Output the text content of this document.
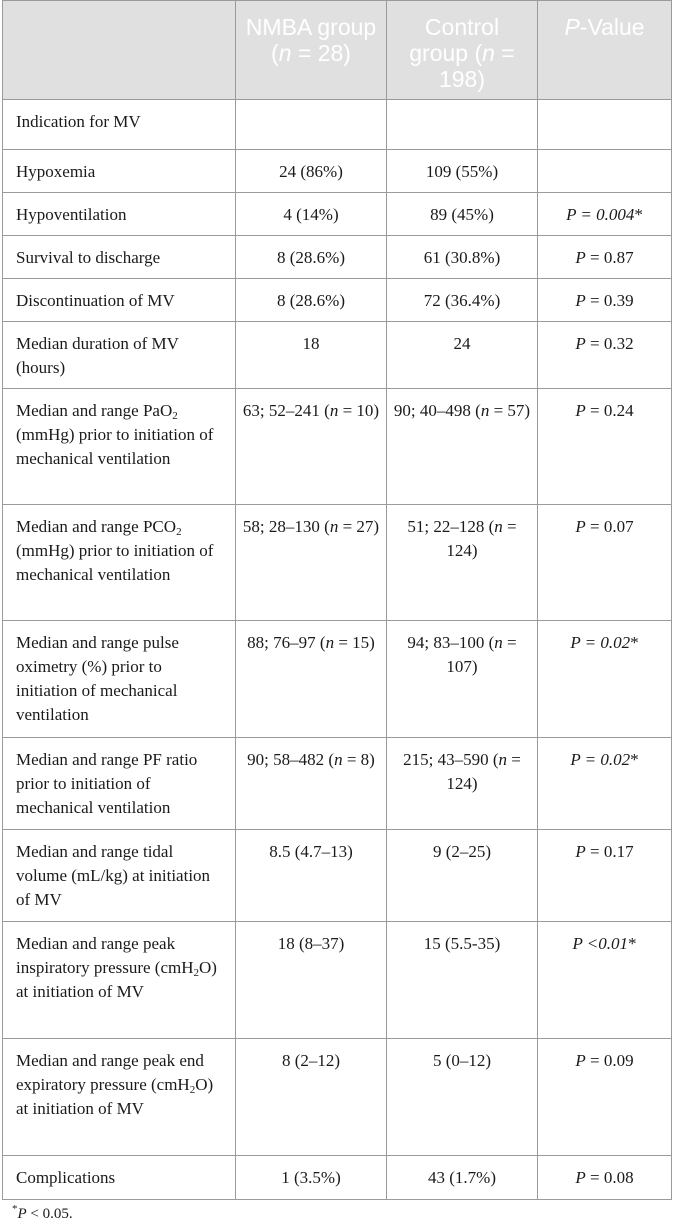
	NMBA group (n = 28)	Control group (n = 198)	P-Value
Indication for MV			
Hypoxemia	24 (86%)	109 (55%)	
Hypoventilation	4 (14%)	89 (45%)	P = 0.004*
Survival to discharge	8 (28.6%)	61 (30.8%)	P = 0.87
Discontinuation of MV	8 (28.6%)	72 (36.4%)	P = 0.39
Median duration of MV (hours)	18	24	P = 0.32
Median and range PaO$_2$ (mmHg) prior to initiation of mechanical ventilation	63; 52–241 (n = 10)	90; 40–498 (n = 57)	P = 0.24
Median and range $PCO_2$ (mmHg) prior to initiation of mechanical ventilation	58; 28–130 (n = 27)	51; 22–128 (n = 124)	P = 0.07
Median and range pulse oximetry (%) prior to initiation of mechanical ventilation	88; 76–97 (n = 15)	94; 83–100 (n = 107)	P = 0.02*
Median and range PF ratio prior to initiation of mechanical ventilation	90; 58–482 (n = 8)	215; 43–590 (n = 124)	P = 0.02*
Median and range tidal volume (mL/kg) at initiation of MV	8.5 (4.7–13)	9 (2–25)	P = 0.17
Median and range peak inspiratory pressure (cmH$_2$O) at initiation of MV	18 (8–37)	15 (5.5-35)	P <0.01*
Median and range peak end expiratory pressure (cmH$_2$O) at initiation of MV	8 (2–12)	5 (0–12)	P = 0.09
Complications	1 (3.5%)	43 (1.7%)	P = 0.08
*P < 0.05.
